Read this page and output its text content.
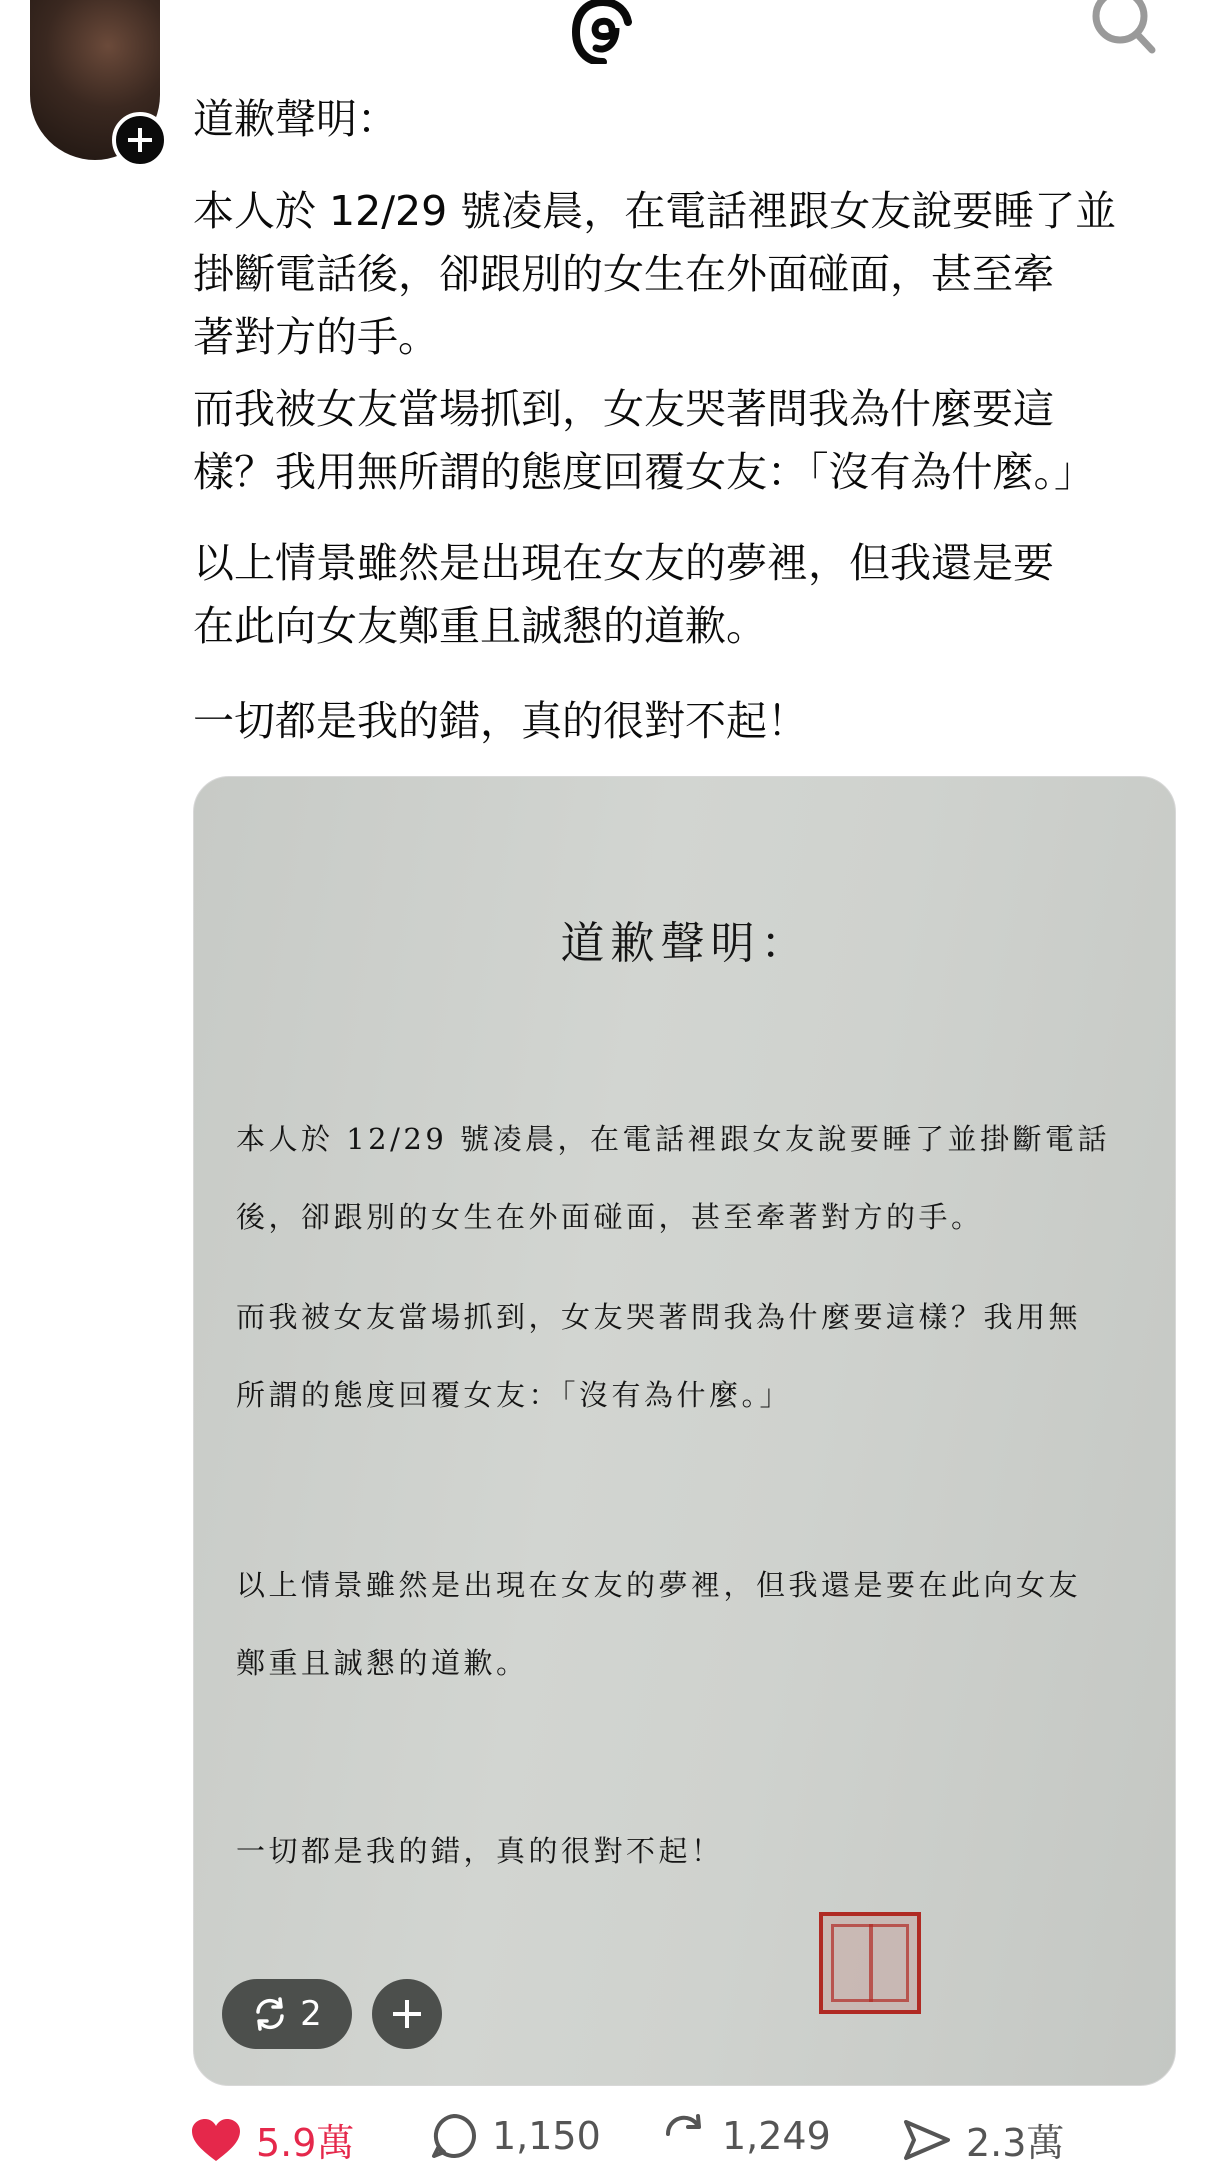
道歉聲明：
本人於 12/29 號凌晨，在電話裡跟女友說要睡了並
掛斷電話後，卻跟別的女生在外面碰面，甚至牽
著對方的手。
而我被女友當場抓到，女友哭著問我為什麼要這
樣？我用無所謂的態度回覆女友：「沒有為什麼。」
以上情景雖然是出現在女友的夢裡，但我還是要
在此向女友鄭重且誠懇的道歉。
一切都是我的錯，真的很對不起！
道歉聲明：
本人於 12/29 號凌晨，在電話裡跟女友說要睡了並掛斷電話
後，卻跟別的女生在外面碰面，甚至牽著對方的手。
而我被女友當場抓到，女友哭著問我為什麼要這樣？我用無
所謂的態度回覆女友：「沒有為什麼。」
以上情景雖然是出現在女友的夢裡，但我還是要在此向女友
鄭重且誠懇的道歉。
一切都是我的錯，真的很對不起！
2
5.9萬	1,150	1,249	2.3萬
